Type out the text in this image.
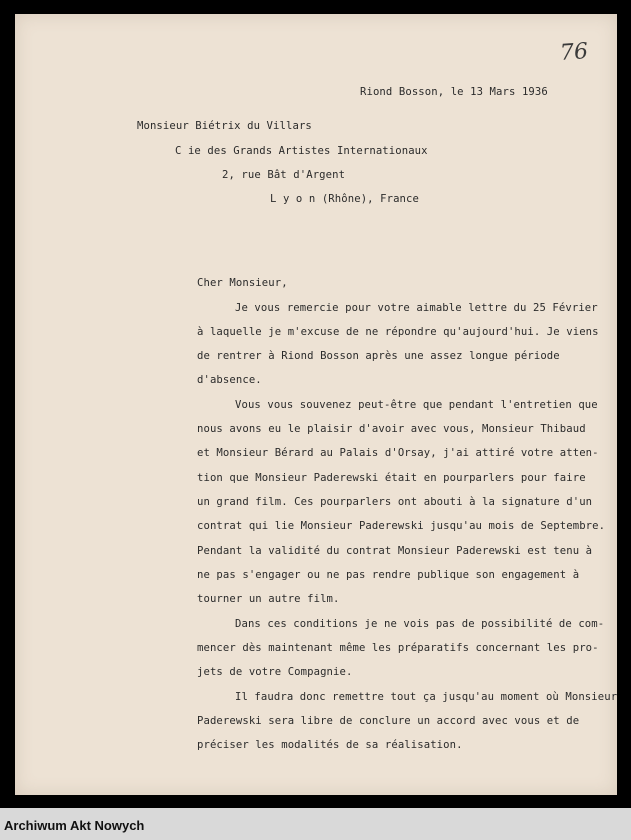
76
Riond Bosson, le 13 Mars 1936
Monsieur Biétrix du Villars
C ie des Grands Artistes Internationaux
2, rue Bât d'Argent
L y o n (Rhône), France
Cher Monsieur,
Je vous remercie pour votre aimable lettre du 25 Février
à laquelle je m'excuse de ne répondre qu'aujourd'hui. Je viens
de rentrer à Riond Bosson après une assez longue période
d'absence.
Vous vous souvenez peut-être que pendant l'entretien que
nous avons eu le plaisir d'avoir avec vous, Monsieur Thibaud
et Monsieur Bérard au Palais d'Orsay, j'ai attiré votre atten-
tion que Monsieur Paderewski était en pourparlers pour faire
un grand film. Ces pourparlers ont abouti à la signature d'un
contrat qui lie Monsieur Paderewski jusqu'au mois de Septembre.
Pendant la validité du contrat Monsieur Paderewski est tenu à
ne pas s'engager ou ne pas rendre publique son engagement à
tourner un autre film.
Dans ces conditions je ne vois pas de possibilité de com-
mencer dès maintenant même les préparatifs concernant les pro-
jets de votre Compagnie.
Il faudra donc remettre tout ça jusqu'au moment où Monsieur
Paderewski sera libre de conclure un accord avec vous et de
préciser les modalités de sa réalisation.
Archiwum Akt Nowych
